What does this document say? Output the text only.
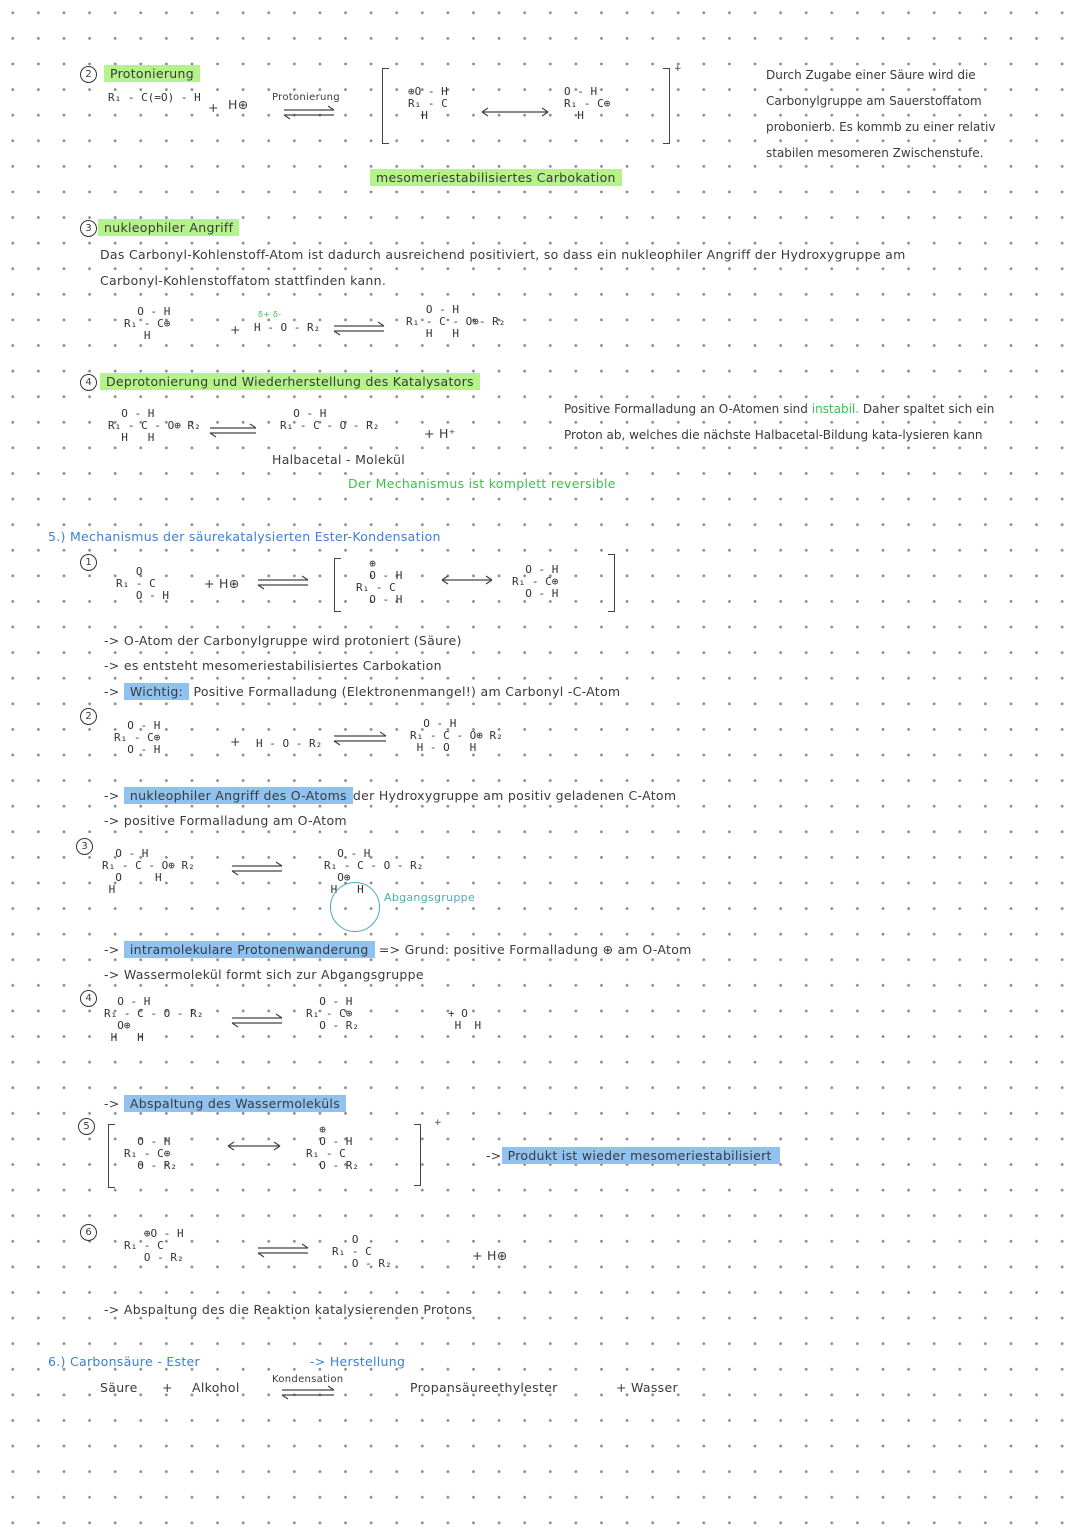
2	Protonierung
R₁ - C(=O) - H
+ H⊕ Protonierung	⊕O - H
R₁ - C
H
O - H
R₁ - C⊕
H
+
mesomeriestabilisiertes Carbokation
Durch Zugabe einer Säure wird die Carbonylgruppe am Sauerstoffatom probonierb. Es kommb zu einer relativ stabilen mesomeren Zwischenstufe.
3 nukleophiler Angriff
Das Carbonyl-Kohlenstoff-Atom ist dadurch ausreichend positiviert, so dass ein nukleophiler Angriff der Hydroxygruppe am
Carbonyl-Kohlenstoffatom stattfinden kann.
O - H
R₁ - C⊕
H	+
δ+ δ-
H - O - R₂
O - H
R₁ - C - O⊕- R₂
H   H
4	Deprotonierung und Wiederherstellung des Katalysators
O - H
R₁ - C - O⊕ R₂
H   H
O - H
R₁ - C - O - R₂
+ H⁺
Halbacetal - Molekül
Positive Formalladung an O-Atomen sind instabil. Daher spaltet sich ein Proton ab, welches die nächste Halbacetal-Bildung kata-lysieren kann
Der Mechanismus ist komplett reversible
5.) Mechanismus der säurekatalysierten Ester-Kondensation
1
O
R₁ - C
O - H
+ H⊕
⊕
O - H
R₁ - C
O - H
O - H
R₁ - C⊕
O - H
-> O-Atom der Carbonylgruppe wird protoniert (Säure)
-> es entsteht mesomeriestabilisiertes Carbokation
-> Wichtig: Positive Formalladung (Elektronenmangel!) am Carbonyl -C-Atom
2
O - H
R₁ - C⊕
O - H
+ H - O - R₂
O - H
R₁ - C - O⊕ R₂
H - O   H
-> nukleophiler Angriff des O-Atoms der Hydroxygruppe am positiv geladenen C-Atom
-> positive Formalladung am O-Atom
3
O - H
R₁ - C - O⊕ R₂
O     H
H
O - H
R₁ - C - O - R₂
O⊕
H   H
Abgangsgruppe
-> intramolekulare Protonenwanderung => Grund: positive Formalladung ⊕ am O-Atom
-> Wassermolekül formt sich zur Abgangsgruppe
4	O - H
R₁ - C - O - R₂
O⊕
H   H
O - H
R₁ - C⊕
O - R₂
+ O
H  H
-> Abspaltung des Wassermoleküls
5
O - H
R₁ - C⊕
O - R₂
⊕
O - H
R₁ - C
O - R₂
+
-> Produkt ist wieder mesomeriestabilisiert
6	⊕O - H
R₁ - C
O - R₂
O
R₁ - C
O - R₂
+ H⊕
-> Abspaltung des die Reaktion katalysierenden Protons
6.) Carbonsäure - Ester	-> Herstellung
Säure + Alkohol
Kondensation
Propansäureethylester	+ Wasser
